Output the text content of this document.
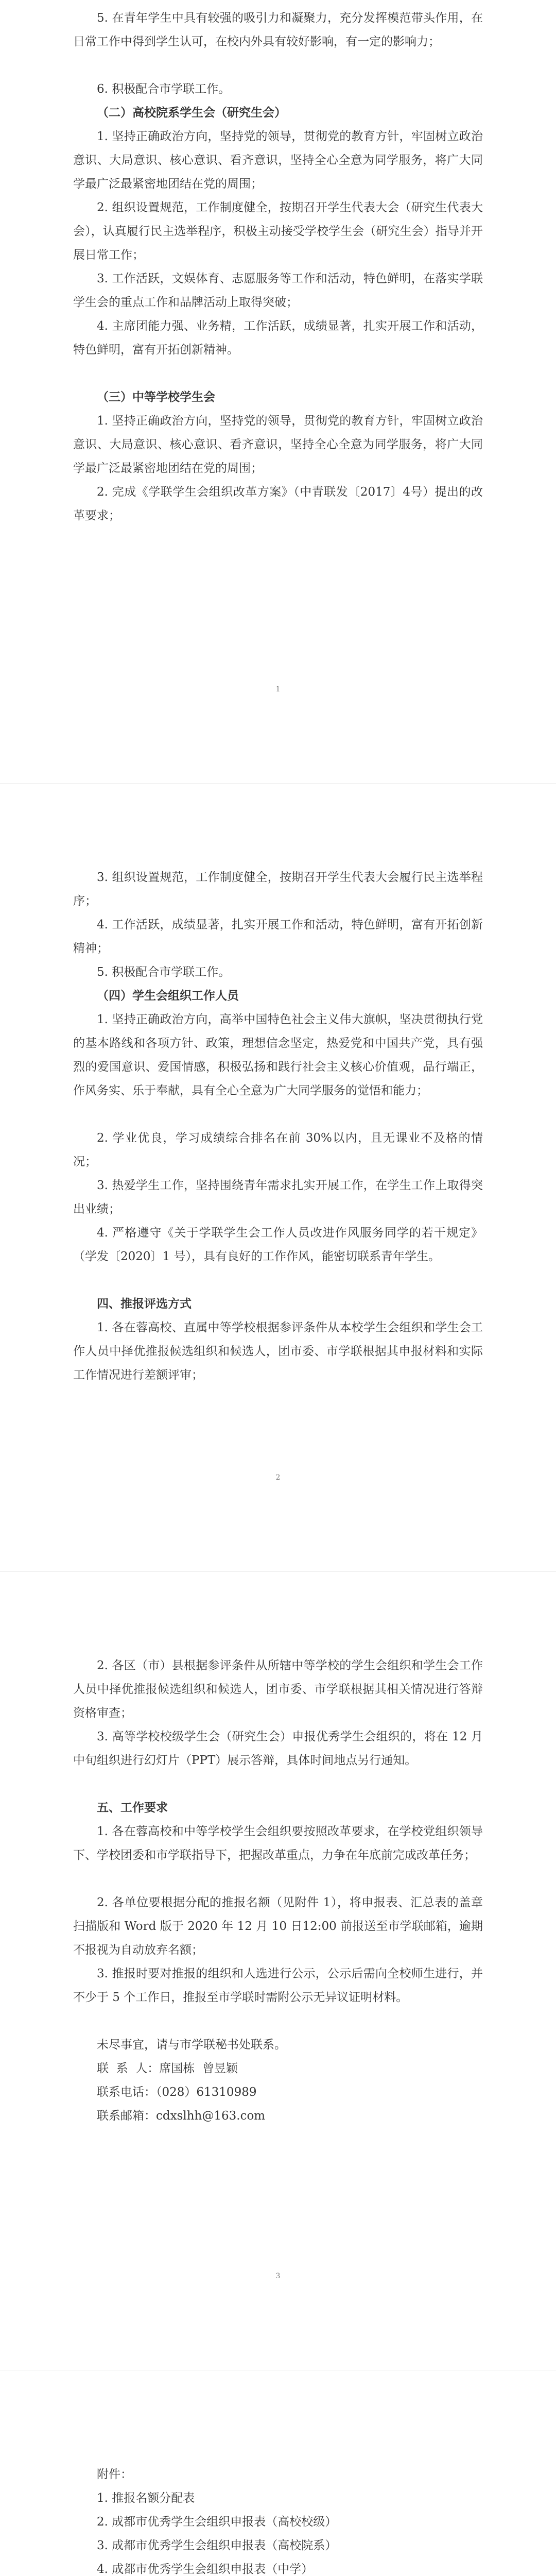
5. 在青年学生中具有较强的吸引力和凝聚力，充分发挥模范带头作用，在日常工作中得到学生认可，在校内外具有较好影响，有一定的影响力；

6. 积极配合市学联工作。

（二）高校院系学生会（研究生会）

1. 坚持正确政治方向，坚持党的领导，贯彻党的教育方针，牢固树立政治意识、大局意识、核心意识、看齐意识，坚持全心全意为同学服务，将广大同学最广泛最紧密地团结在党的周围；

2. 组织设置规范，工作制度健全，按期召开学生代表大会（研究生代表大会），认真履行民主选举程序，积极主动接受学校学生会（研究生会）指导并开展日常工作；

3. 工作活跃，文娱体育、志愿服务等工作和活动，特色鲜明，在落实学联学生会的重点工作和品牌活动上取得突破；

4. 主席团能力强、业务精，工作活跃，成绩显著，扎实开展工作和活动，特色鲜明，富有开拓创新精神。

（三）中等学校学生会

1. 坚持正确政治方向，坚持党的领导，贯彻党的教育方针，牢固树立政治意识、大局意识、核心意识、看齐意识，坚持全心全意为同学服务，将广大同学最广泛最紧密地团结在党的周围；

2. 完成《学联学生会组织改革方案》（中青联发〔2017〕4号）提出的改革要求；

1

3. 组织设置规范，工作制度健全，按期召开学生代表大会履行民主选举程序；

4. 工作活跃，成绩显著，扎实开展工作和活动，特色鲜明，富有开拓创新精神；

5. 积极配合市学联工作。

（四）学生会组织工作人员

1. 坚持正确政治方向，高举中国特色社会主义伟大旗帜，坚决贯彻执行党的基本路线和各项方针、政策，理想信念坚定，热爱党和中国共产党，具有强烈的爱国意识、爱国情感，积极弘扬和践行社会主义核心价值观，品行端正，作风务实、乐于奉献，具有全心全意为广大同学服务的觉悟和能力；

2. 学业优良，学习成绩综合排名在前 30%以内，且无课业不及格的情况；

3. 热爱学生工作，坚持围绕青年需求扎实开展工作，在学生工作上取得突出业绩；

4. 严格遵守《关于学联学生会工作人员改进作风服务同学的若干规定》（学发〔2020〕1 号），具有良好的工作作风，能密切联系青年学生。

四、推报评选方式

1. 各在蓉高校、直属中等学校根据参评条件从本校学生会组织和学生会工作人员中择优推报候选组织和候选人，团市委、市学联根据其申报材料和实际工作情况进行差额评审；

2

2. 各区（市）县根据参评条件从所辖中等学校的学生会组织和学生会工作人员中择优推报候选组织和候选人，团市委、市学联根据其相关情况进行答辩资格审查；

3. 高等学校校级学生会（研究生会）申报优秀学生会组织的，将在 12 月中旬组织进行幻灯片（PPT）展示答辩，具体时间地点另行通知。

五、工作要求

1. 各在蓉高校和中等学校学生会组织要按照改革要求，在学校党组织领导下、学校团委和市学联指导下，把握改革重点，力争在年底前完成改革任务；

2. 各单位要根据分配的推报名额（见附件 1），将申报表、汇总表的盖章扫描版和 Word 版于 2020 年 12 月 10 日12:00 前报送至市学联邮箱，逾期不报视为自动放弃名额；

3. 推报时要对推报的组织和人选进行公示，公示后需向全校师生进行，并不少于 5 个工作日，推报至市学联时需附公示无异议证明材料。

未尽事宜，请与市学联秘书处联系。

联  系  人：席国栋  曾昱颖

联系电话：（028）61310989

联系邮箱：cdxslhh@163.com

3

附件：

1. 推报名额分配表
2. 成都市优秀学生会组织申报表（高校校级）
3. 成都市优秀学生会组织申报表（高校院系）
4. 成都市优秀学生会组织申报表（中学）
